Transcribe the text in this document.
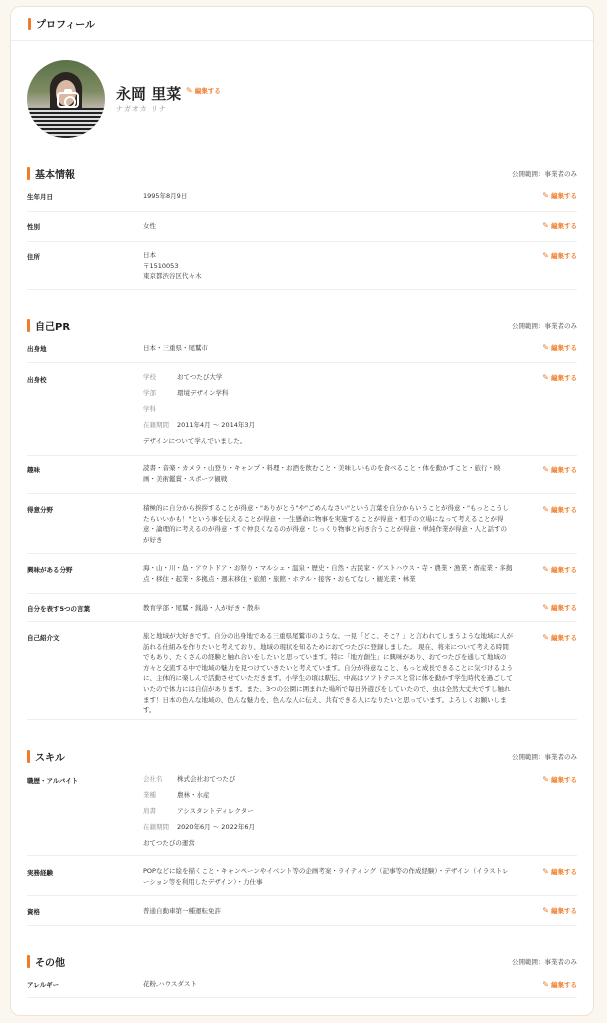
プロフィール
永岡 里菜
ナガオカ リナ
✎ 編集する
基本情報	公開範囲：事業者のみ
生年月日	1995年8月9日	✎ 編集する
性別	女性	✎ 編集する
住所	日本
〒1510053
東京都渋谷区代々木
✎ 編集する
自己PR	公開範囲：事業者のみ
出身地	日本・三重県・尾鷲市	✎ 編集する
出身校	学校	おてつたび大学
学部	環境デザイン学科
学科
在籍期間	2011年4月 〜 2014年3月
デザインについて学んでいました。
✎ 編集する
趣味	読書・音楽・カメラ・山登り・キャンプ・料理・お酒を飲むこと・美味しいものを食べること・体を動かすこと・旅行・映画・美術鑑賞・スポーツ観戦
✎ 編集する
得意分野	積極的に自分から挨拶することが得意・"ありがとう"や"ごめんなさい"という言葉を自分からいうことが得意・"もっとこうしたらいいかも！"という事を伝えることが得意・一生懸命に物事を実施することが得意・相手の立場になって考えることが得意・論理的に考えるのが得意・すぐ仲良くなるのが得意・じっくり物事と向き合うことが得意・単純作業が得意・人と話すのが好き
✎ 編集する
興味がある分野	海・山・川・島・アウトドア・お祭り・マルシェ・温泉・歴史・自然・古民家・ゲストハウス・寺・農業・漁業・畜産業・多拠点・移住・起業・多拠点・週末移住・旅館・旅館・ホテル・接客・おもてなし・観光業・林業
✎ 編集する
自分を表す5つの言葉	教育学部・尾鷲・銭湯・人が好き・散歩	✎ 編集する
自己紹介文	旅と地域が大好きです。自分の出身地である三重県尾鷲市のような、一見「どこ、そこ？」と言われてしまうような地域に人が訪れる仕組みを作りたいと考えており、地域の現状を知るためにおてつたびに登録しました。 現在、将来について考える時間でもあり、たくさんの経験と触れ合いをしたいと思っています。特に「地方創生」に興味があり、おてつたびを通して地域の方々と交流する中で地域の魅力を見つけていきたいと考えています。自分が得意なこと、もっと成長できることに気づけるように、主体的に楽しんで活動させていただきます。小学生の頃は駅伝、中高はソフトテニスと常に体を動かす学生時代を過ごしていたので体力には自信があります。また、3つの公園に囲まれた場所で毎日外遊びをしていたので、虫は全然大丈夫ですし触れます！日本の色んな地域の、色んな魅力を、色んな人に伝え、共有できる人になりたいと思っています。よろしくお願いします。
✎ 編集する
スキル	公開範囲：事業者のみ
職歴・アルバイト	会社名	株式会社おてつたび
業種	農林・水産
肩書	アシスタントディレクター
在籍期間	2020年6月 〜 2022年6月
おてつたびの運営
✎ 編集する
実務経験	POPなどに絵を描くこと・キャンペーンやイベント等の企画考案・ライティング（記事等の作成経験）・デザイン（イラストレーション等を利用したデザイン）・力仕事
✎ 編集する
資格	普通自動車第一種運転免許	✎ 編集する
その他	公開範囲：事業者のみ
アレルギー	花粉,ハウスダスト	✎ 編集する
